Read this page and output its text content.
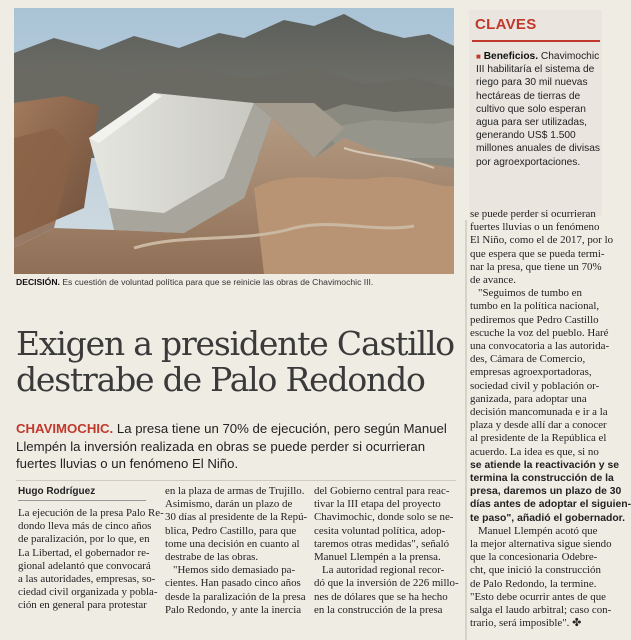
DECISIÓN. Es cuestión de voluntad política para que se reinicie las obras de Chavimochic III.
CLAVES
■ Beneficios. Chavimochic III habilitaría el sistema de riego para 30 mil nuevas hectáreas de tierras de cultivo que solo esperan agua para ser utilizadas, generando US$ 1.500 millones anuales de divisas por agroexportaciones.
Exigen a presidente Castillo
destrabe de Palo Redondo
CHAVIMOCHIC. La presa tiene un 70% de ejecución, pero según Manuel Llempén la inversión realizada en obras se puede perder si ocurrieran fuertes lluvias o un fenómeno El Niño.
Hugo Rodríguez

La ejecución de la presa Palo Re-

dondo lleva más de cinco años

de paralización, por lo que, en

La Libertad, el gobernador re-

gional adelantó que convocará

a las autoridades, empresas, so-

ciedad civil organizada y pobla-

ción en general para protestar

en la plaza de armas de Trujillo.

Asimismo, darán un plazo de

30 días al presidente de la Repú-

blica, Pedro Castillo, para que

tome una decisión en cuanto al

destrabe de las obras.

"Hemos sido demasiado pa-

cientes. Han pasado cinco años

desde la paralización de la presa

Palo Redondo, y ante la inercia

del Gobierno central para reac-

tivar la III etapa del proyecto

Chavimochic, donde solo se ne-

cesita voluntad política, adop-

taremos otras medidas", señaló

Manuel Llempén a la prensa.

La autoridad regional recor-

dó que la inversión de 226 millo-

nes de dólares que se ha hecho

en la construcción de la presa

se puede perder si ocurrieran

fuertes lluvias o un fenómeno

El Niño, como el de 2017, por lo

que espera que se pueda termi-

nar la presa, que tiene un 70%

de avance.

"Seguimos de tumbo en

tumbo en la política nacional,

pediremos que Pedro Castillo

escuche la voz del pueblo. Haré

una convocatoria a las autorida-

des, Cámara de Comercio,

empresas agroexportadoras,

sociedad civil y población or-

ganizada, para adoptar una

decisión mancomunada e ir a la

plaza y desde allí dar a conocer

al presidente de la República el

acuerdo. La idea es que, si no

se atiende la reactivación y se

termina la construcción de la

presa, daremos un plazo de 30

días antes de adoptar el siguien-

te paso", añadió el gobernador.

Manuel Llempén acotó que

la mejor alternativa sigue siendo

que la concesionaria Odebre-

cht, que inició la construcción

de Palo Redondo, la termine.

"Esto debe ocurrir antes de que

salga el laudo arbitral; caso con-

trario, será imposible". ✤
